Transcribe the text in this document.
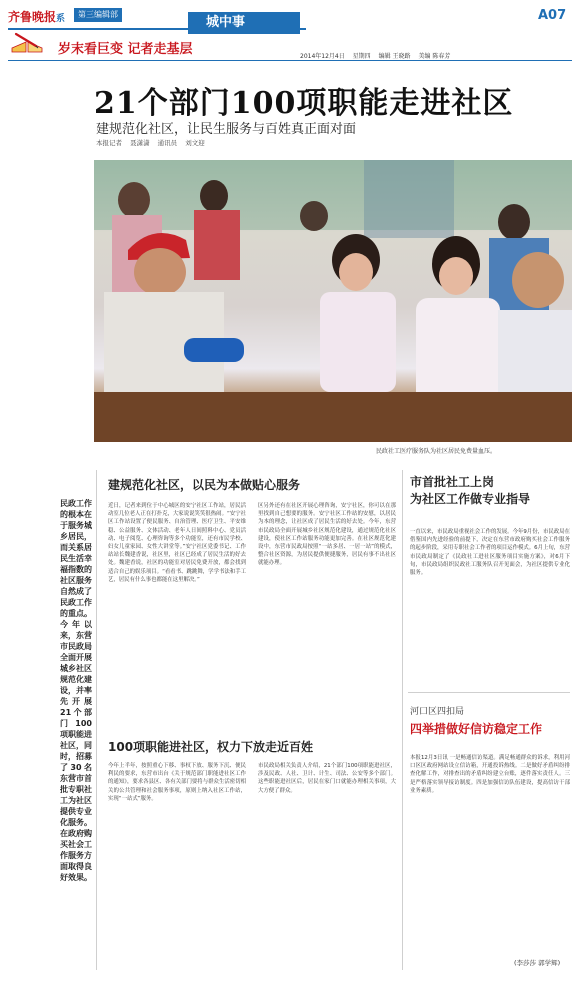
齐鲁晚报系	第三编辑部
城中事	A07
岁末看巨变 记者走基层	2014年12月4日 星期四 编辑 王晓路 美编 陈春芳
21个部门100项职能走进社区
建规范化社区，让民生服务与百姓真正面对面
本报记者 聂潇潇 通讯员 刘文迎
民政社工医疗服务队为社区居民免费量血压。
民政工作的根本在于服务城乡居民，而关系居民生活幸福指数的社区服务自然成了民政工作的重点。今年以来，东营市民政局全面开展城乡社区规范化建设，并率先开展21个部门100项职能进社区，同时，招募了30名东营市首批专职社工为社区提供专业化服务。在政府购买社会工作服务方面取得良好效果。
建规范化社区，以民为本做贴心服务
近日，记者来到位于中心城区的安宁社区工作站，居民活动室几位老人正在打扑克，大家说说笑笑很热闹。“安宁社区工作站设置了便民服务、自治管理、医疗卫生、平安维稳、公益服务、文体活动、老年人日间照料中心、党员活动、电子阅览、心理咨询等多个功能室，还有市民学校、妇女儿童家园、女性大讲堂等。”安宁社区党委书记、工作站站长魏建香说，社区里，社区已经成了居民生活的好去处。魏建香说，社区的功能室对居民免费开放，都会找到适合自己的娱乐项目。“看看书、跳跳舞，学学书法和手工艺，居民有什么事也都能在这里解决。”
区另外还有在社区开展心理咨询，安宁社区，你可以在那里找到自己想要的服务。安宁社区工作站的安慰，以居民为本的理念，让社区成了居民生活的好去处。今年，东营市民政局全面开展城乡社区规范化建设，通过规范化社区建设，使社区工作站服务功能更加完善。在社区规范化建设中，东营市民政局按照“一站多居、一居一站”的模式，整合社区资源，为居民提供便捷服务，居民有事不出社区就能办理。
100项职能进社区，权力下放走近百姓
今年上半年，按照重心下移、事权下放、服务下沉、便民利民的要求，东营市出台《关于规范部门职能进社区工作的通知》，要求各县区、各有关部门要将与群众生活密切相关的公共管理和社会服务事项，原则上纳入社区工作站，实现“一站式”服务。
市民政局相关负责人介绍，21个部门100项职能进社区，涉及民政、人社、卫计、计生、司法、公安等多个部门。这些职能进社区后，居民在家门口就能办理相关事项，大大方便了群众。
市首批社工上岗
为社区工作做专业指导
一直以来，市民政局重视社会工作的发展。今年9月份，市民政局在借鉴国内先进经验的前提下，决定在东营市政府购买社会工作服务的起步阶段，采用专职社会工作者的项目运作模式。6月上旬，东营市民政局制定了《民政社工进社区服务项目实施方案》，对6月下旬，市民政局组织民政社工服务队召开见面会，为社区提供专业化服务。
河口区四扣局
四举措做好信访稳定工作
本报12月3日讯 一是畅通信访渠道。满足畅通群众的诉求，利用河口区区政府网站设立信访箱，开通投诉热线。二是做好矛盾纠纷排查化解工作，对排查出的矛盾纠纷建立台账，逐件落实责任人。三是严格落实领导接访制度。四是加强信访队伍建设，提高信访干部业务素质。
(李莎莎 郭学辉)
